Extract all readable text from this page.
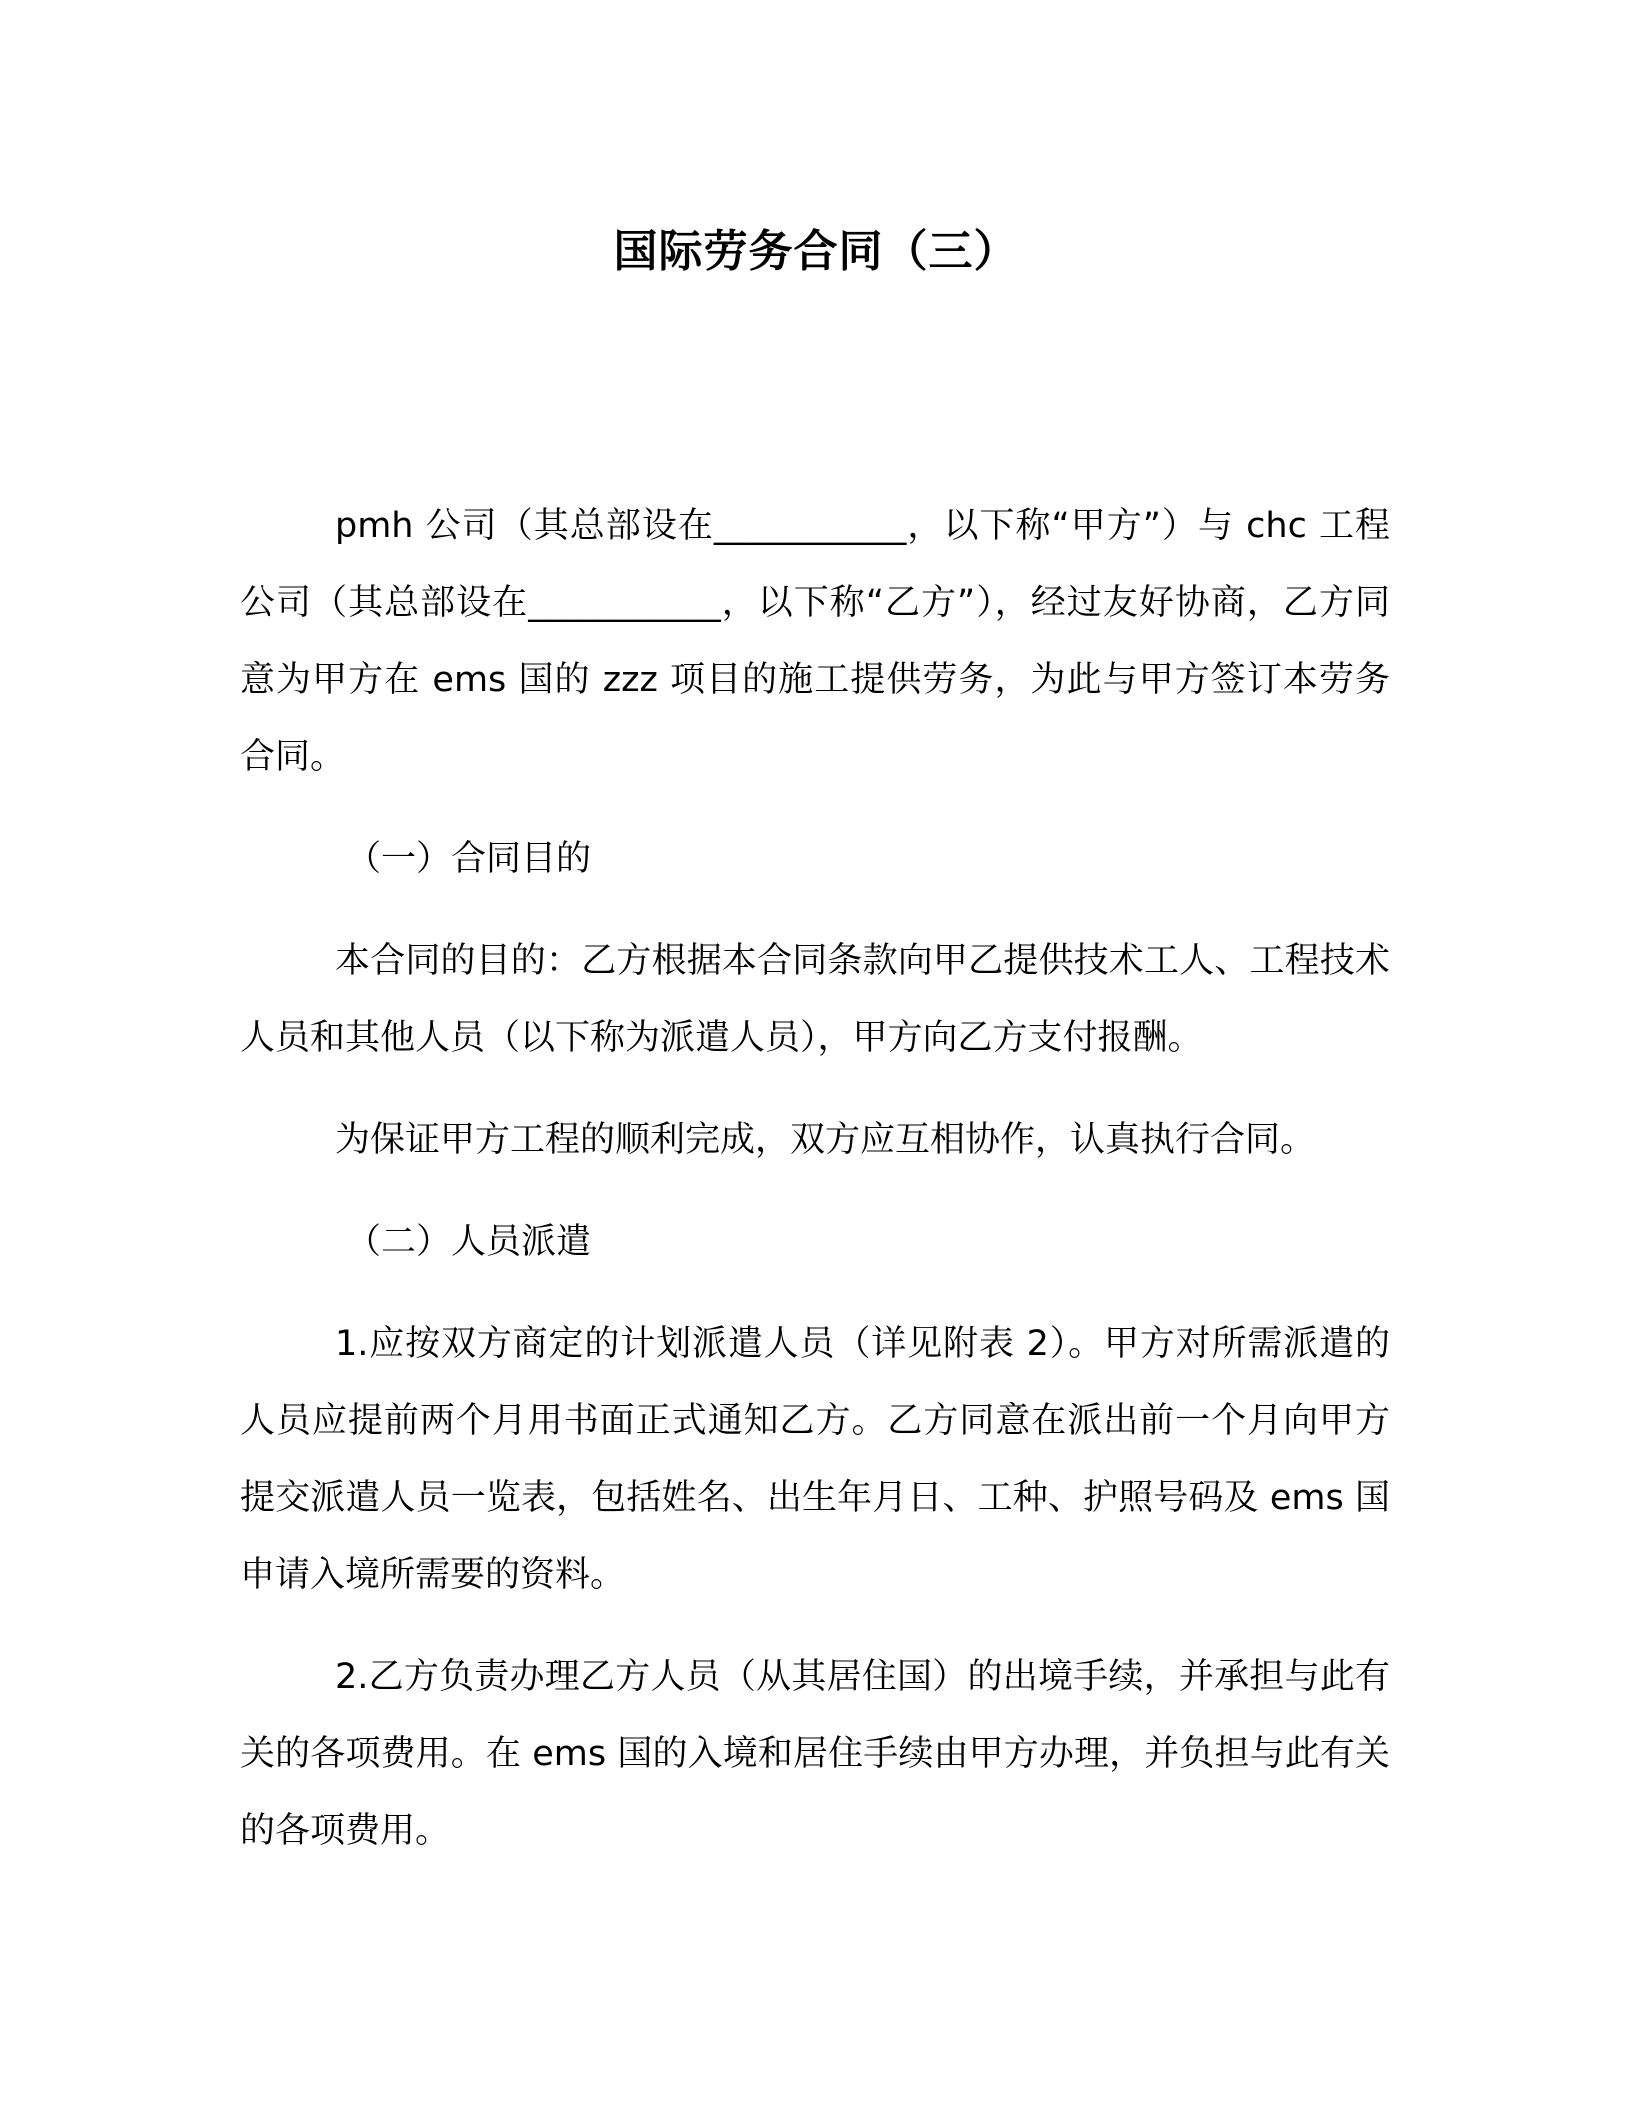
国际劳务合同（三）

pmh 公司（其总部设在___________，以下称“甲方”）与 chc 工程公司（其总部设在___________，以下称“乙方”），经过友好协商，乙方同意为甲方在 ems 国的 zzz 项目的施工提供劳务，为此与甲方签订本劳务合同。

（一）合同目的

本合同的目的：乙方根据本合同条款向甲乙提供技术工人、工程技术人员和其他人员（以下称为派遣人员），甲方向乙方支付报酬。

为保证甲方工程的顺利完成，双方应互相协作，认真执行合同。

（二）人员派遣

1.应按双方商定的计划派遣人员（详见附表 2）。甲方对所需派遣的人员应提前两个月用书面正式通知乙方。乙方同意在派出前一个月向甲方提交派遣人员一览表，包括姓名、出生年月日、工种、护照号码及 ems 国申请入境所需要的资料。

2.乙方负责办理乙方人员（从其居住国）的出境手续，并承担与此有关的各项费用。在 ems 国的入境和居住手续由甲方办理，并负担与此有关的各项费用。
